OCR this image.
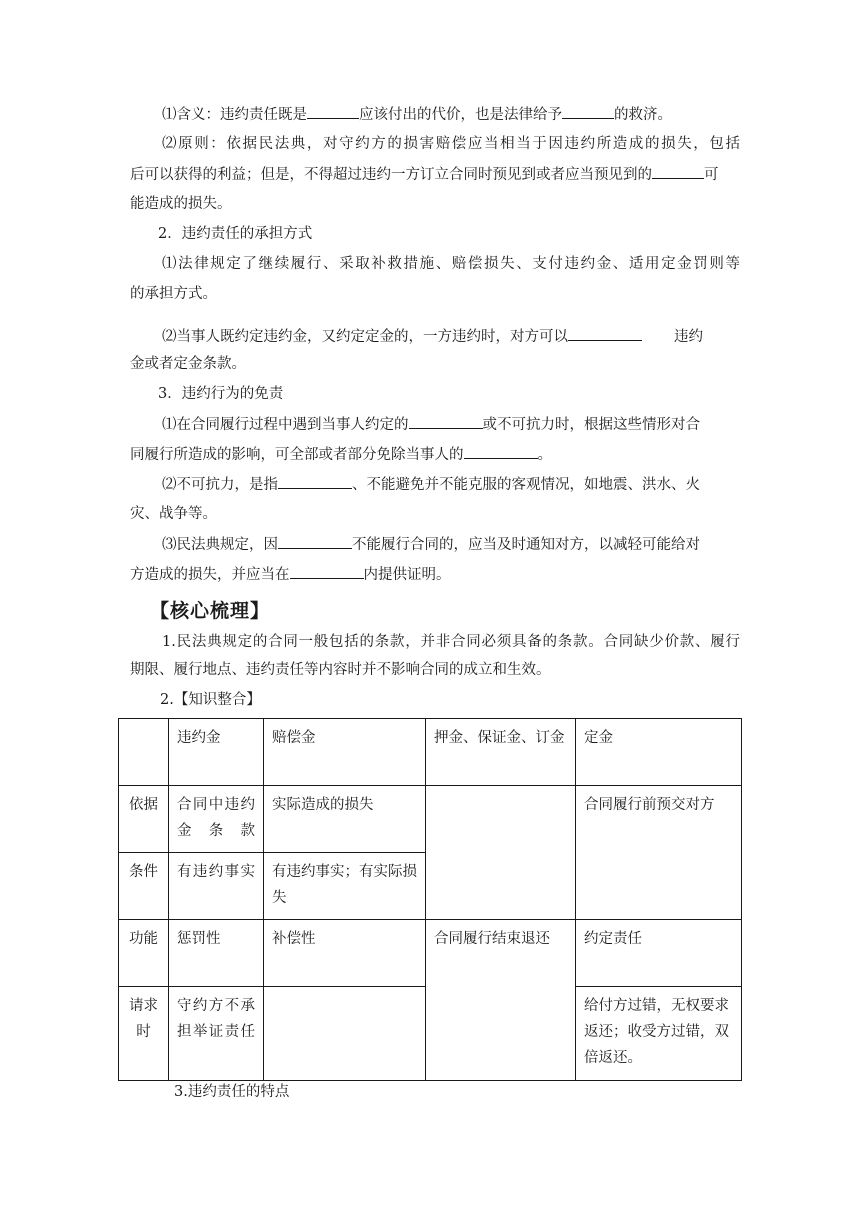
⑴含义：违约责任既是	应该付出的代价，也是法律给予	的救济。
⑵原则：依据民法典，对守约方的损害赔偿应当相当于因违约所造成的损失，包括
后可以获得的利益；但是，不得超过违约一方订立合同时预见到或者应当预见到的	可
能造成的损失。
2．违约责任的承担方式
⑴法律规定了继续履行、采取补救措施、赔偿损失、支付违约金、适用定金罚则等
的承担方式。
⑵当事人既约定违约金，又约定定金的，一方违约时，对方可以	违约
金或者定金条款。
3．违约行为的免责
⑴在合同履行过程中遇到当事人约定的	或不可抗力时，根据这些情形对合
同履行所造成的影响，可全部或者部分免除当事人的	。
⑵不可抗力，是指	、不能避免并不能克服的客观情况，如地震、洪水、火
灾、战争等。
⑶民法典规定，因	不能履行合同的，应当及时通知对方，以减轻可能给对
方造成的损失，并应当在	内提供证明。
【核心梳理】
1.民法典规定的合同一般包括的条款，并非合同必须具备的条款。合同缺少价款、履行
期限、履行地点、违约责任等内容时并不影响合同的成立和生效。
2.【知识整合】
	违约金	赔偿金	押金、保证金、订金	定金
依据	合同中违约金条款	实际造成的损失		合同履行前预交对方
条件	有违约事实	有违约事实；有实际损失		
功能	惩罚性	补偿性	合同履行结束退还	约定责任
请求时	守约方不承担举证责任			给付方过错，无权要求返还；收受方过错，双倍返还。
3.违约责任的特点
